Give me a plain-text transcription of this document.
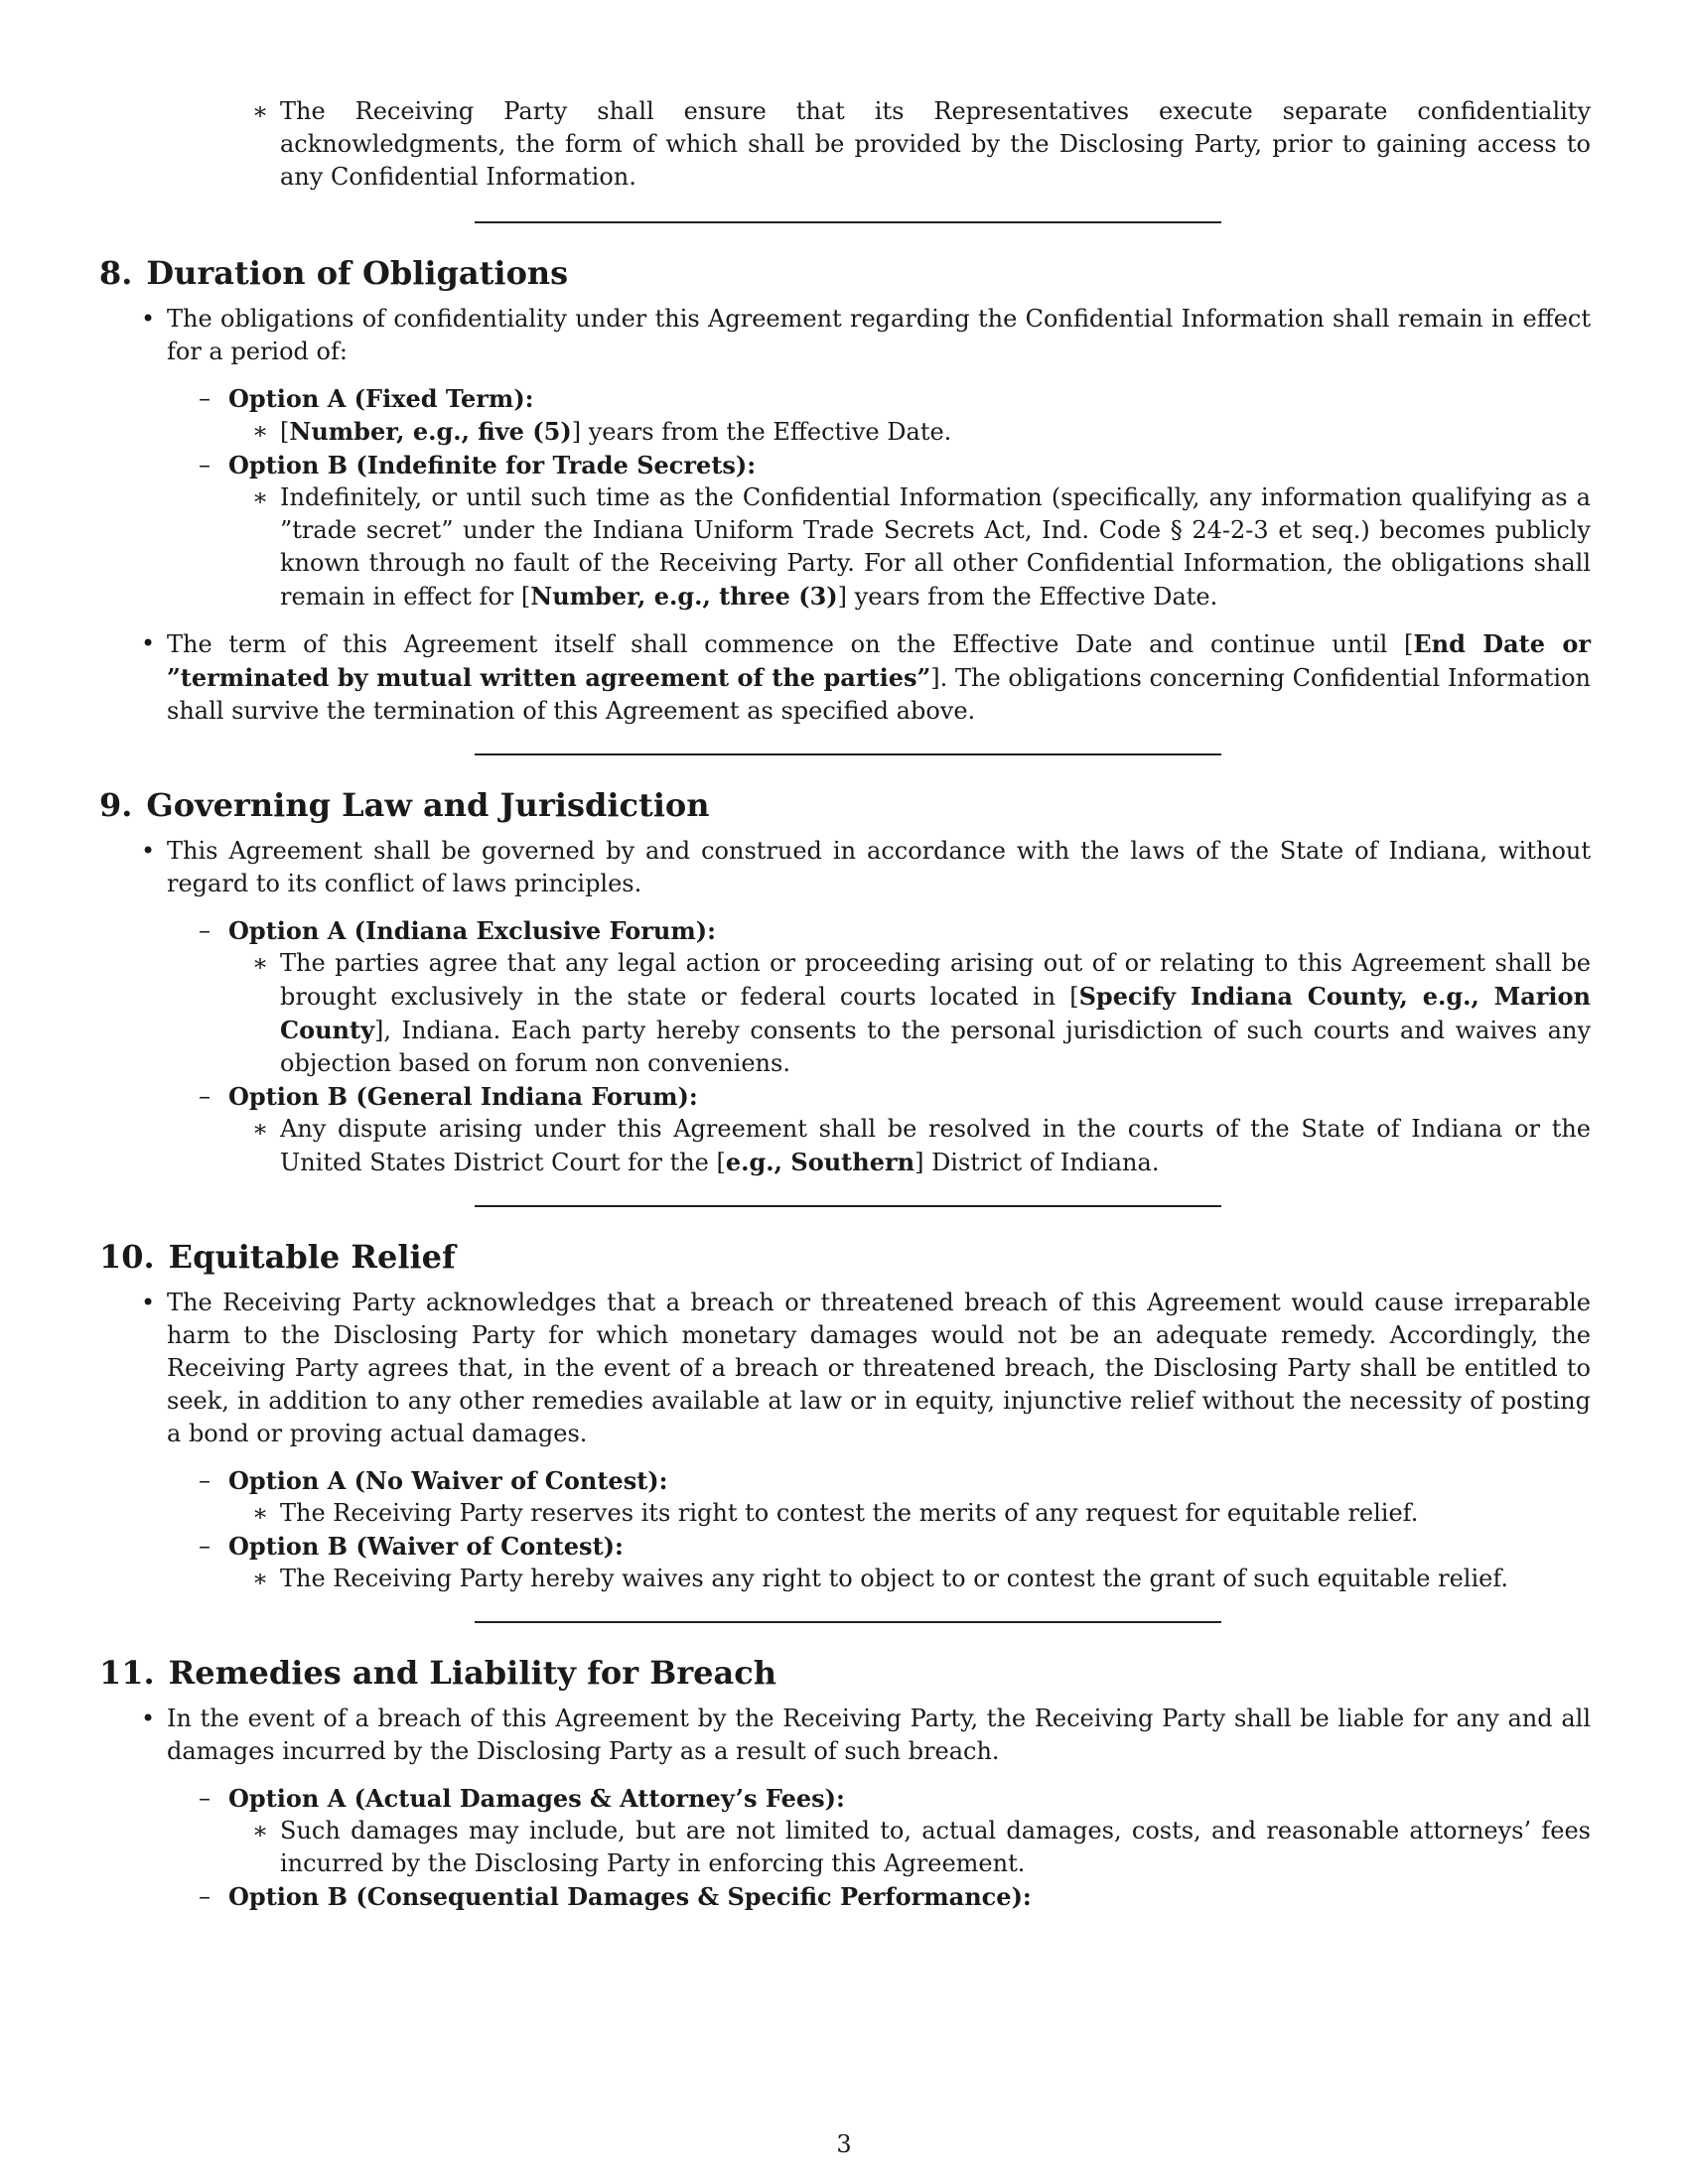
∗ The Receiving Party shall ensure that its Representatives execute separate confidentiality acknowledgments, the form of which shall be provided by the Disclosing Party, prior to gaining access to any Confidential Information.
8. Duration of Obligations
• The obligations of confidentiality under this Agreement regarding the Confidential Information shall remain in effect for a period of:
– Option A (Fixed Term):
∗ [Number, e.g., five (5)] years from the Effective Date.
– Option B (Indefinite for Trade Secrets):
∗ Indefinitely, or until such time as the Confidential Information (specifically, any information qualifying as a ”trade secret” under the Indiana Uniform Trade Secrets Act, Ind. Code § 24-2-3 et seq.) becomes publicly known through no fault of the Receiving Party. For all other Confidential Information, the obligations shall remain in effect for [Number, e.g., three (3)] years from the Effective Date.
• The term of this Agreement itself shall commence on the Effective Date and continue until [End Date or ”terminated by mutual written agreement of the parties”]. The obligations concerning Confidential Information shall survive the termination of this Agreement as specified above.
9. Governing Law and Jurisdiction
• This Agreement shall be governed by and construed in accordance with the laws of the State of Indiana, without regard to its conflict of laws principles.
– Option A (Indiana Exclusive Forum):
∗ The parties agree that any legal action or proceeding arising out of or relating to this Agreement shall be brought exclusively in the state or federal courts located in [Specify Indiana County, e.g., Marion County], Indiana. Each party hereby consents to the personal jurisdiction of such courts and waives any objection based on forum non conveniens.
– Option B (General Indiana Forum):
∗ Any dispute arising under this Agreement shall be resolved in the courts of the State of Indiana or the United States District Court for the [e.g., Southern] District of Indiana.
10. Equitable Relief
• The Receiving Party acknowledges that a breach or threatened breach of this Agreement would cause irreparable harm to the Disclosing Party for which monetary damages would not be an adequate remedy. Accordingly, the Receiving Party agrees that, in the event of a breach or threatened breach, the Disclosing Party shall be entitled to seek, in addition to any other remedies available at law or in equity, injunctive relief without the necessity of posting a bond or proving actual damages.
– Option A (No Waiver of Contest):
∗ The Receiving Party reserves its right to contest the merits of any request for equitable relief.
– Option B (Waiver of Contest):
∗ The Receiving Party hereby waives any right to object to or contest the grant of such equitable relief.
11. Remedies and Liability for Breach
• In the event of a breach of this Agreement by the Receiving Party, the Receiving Party shall be liable for any and all damages incurred by the Disclosing Party as a result of such breach.
– Option A (Actual Damages & Attorney’s Fees):
∗ Such damages may include, but are not limited to, actual damages, costs, and reasonable attorneys’ fees incurred by the Disclosing Party in enforcing this Agreement.
– Option B (Consequential Damages & Specific Performance):
3
